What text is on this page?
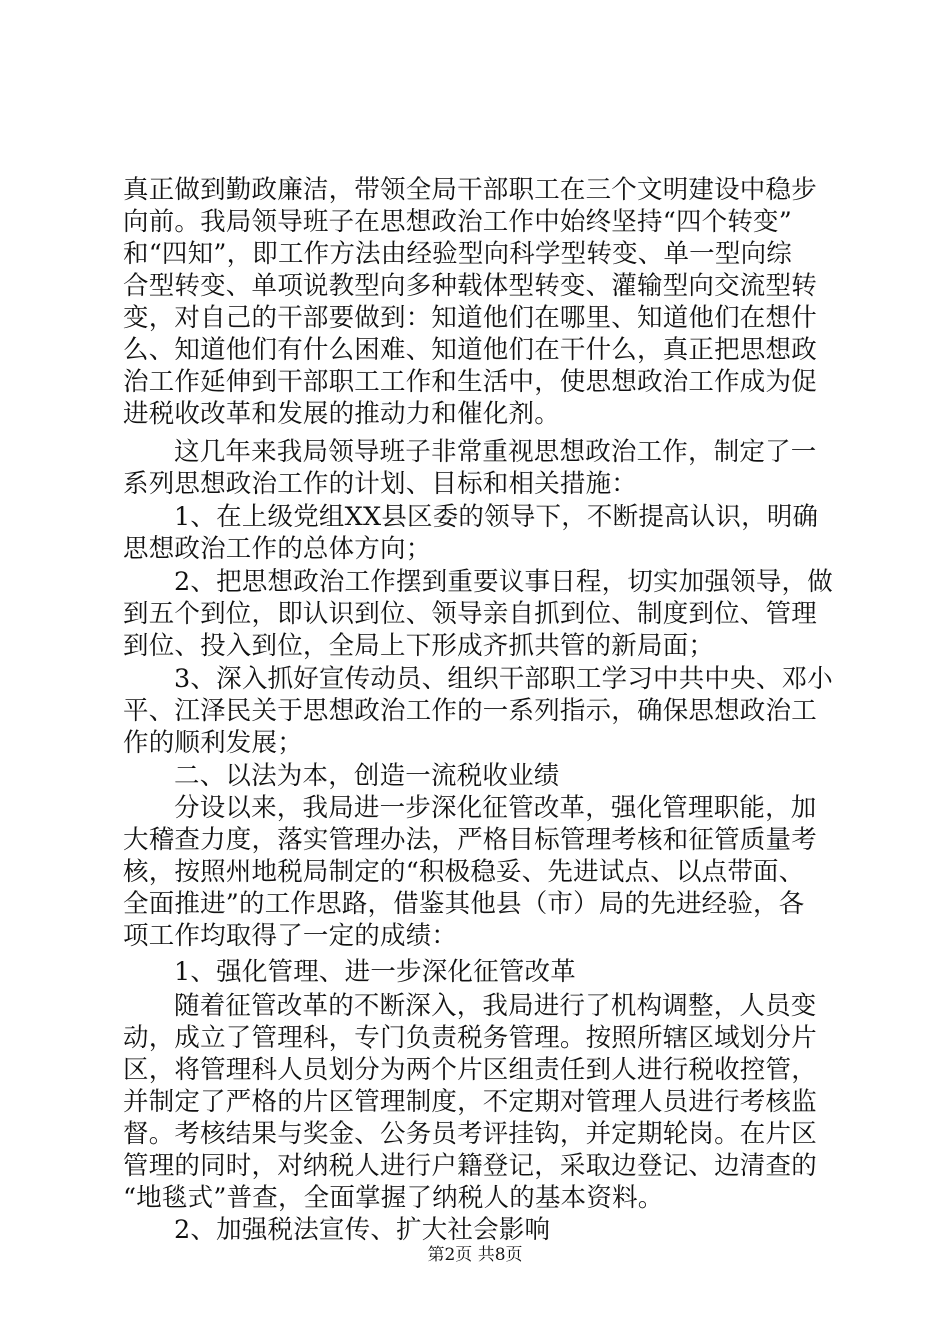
真正做到勤政廉洁，带领全局干部职工在三个文明建设中稳步
向前。我局领导班子在思想政治工作中始终坚持“四个转变”
和“四知”，即工作方法由经验型向科学型转变、单一型向综
合型转变、单项说教型向多种载体型转变、灌输型向交流型转
变，对自己的干部要做到：知道他们在哪里、知道他们在想什
么、知道他们有什么困难、知道他们在干什么，真正把思想政
治工作延伸到干部职工工作和生活中，使思想政治工作成为促
进税收改革和发展的推动力和催化剂。
这几年来我局领导班子非常重视思想政治工作，制定了一
系列思想政治工作的计划、目标和相关措施：
1、在上级党组XX县区委的领导下，不断提高认识，明确
思想政治工作的总体方向；
2、把思想政治工作摆到重要议事日程，切实加强领导，做
到五个到位，即认识到位、领导亲自抓到位、制度到位、管理
到位、投入到位，全局上下形成齐抓共管的新局面；
3、深入抓好宣传动员、组织干部职工学习中共中央、邓小
平、江泽民关于思想政治工作的一系列指示，确保思想政治工
作的顺利发展；
二、以法为本，创造一流税收业绩
分设以来，我局进一步深化征管改革，强化管理职能，加
大稽查力度，落实管理办法，严格目标管理考核和征管质量考
核，按照州地税局制定的“积极稳妥、先进试点、以点带面、
全面推进”的工作思路，借鉴其他县（市）局的先进经验，各
项工作均取得了一定的成绩：
1、强化管理、进一步深化征管改革
随着征管改革的不断深入，我局进行了机构调整，人员变
动，成立了管理科，专门负责税务管理。按照所辖区域划分片
区，将管理科人员划分为两个片区组责任到人进行税收控管，
并制定了严格的片区管理制度，不定期对管理人员进行考核监
督。考核结果与奖金、公务员考评挂钩，并定期轮岗。在片区
管理的同时，对纳税人进行户籍登记，采取边登记、边清查的
“地毯式”普查，全面掌握了纳税人的基本资料。
2、加强税法宣传、扩大社会影响
第2页 共8页
